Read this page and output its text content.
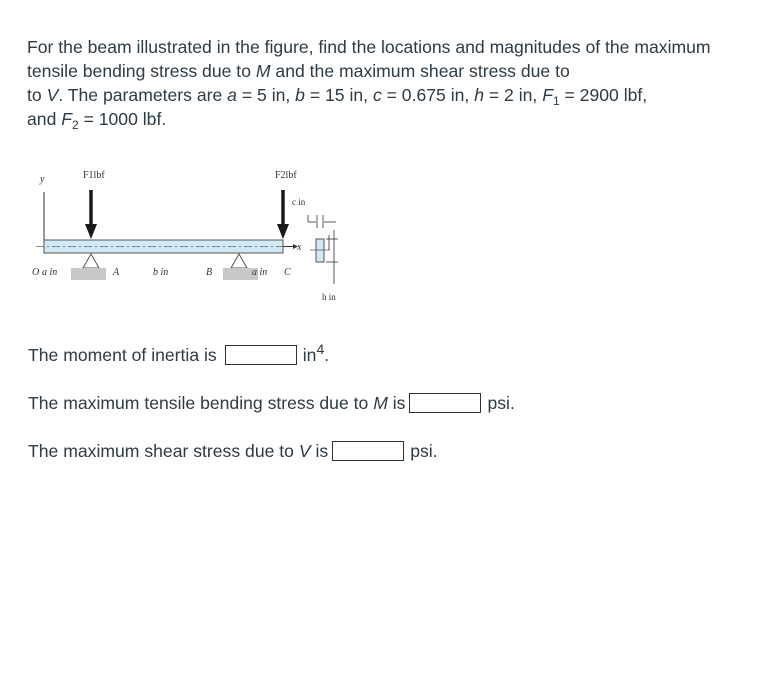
For the beam illustrated in the figure, find the locations and magnitudes of the maximum tensile bending stress due to M and the maximum shear stress due to
to V. The parameters are a = 5 in, b = 15 in, c = 0.675 in, h = 2 in, $F_1 = 2900$ lbf,
and $F_2 = 1000$ lbf.

y
x
F1lbf	F2lbf
c in
h in
O a in	A	b in	B	a in C
The moment of inertia is	$in^4$.
The maximum tensile bending stress due to M is	psi.
The maximum shear stress due to V is	psi.
